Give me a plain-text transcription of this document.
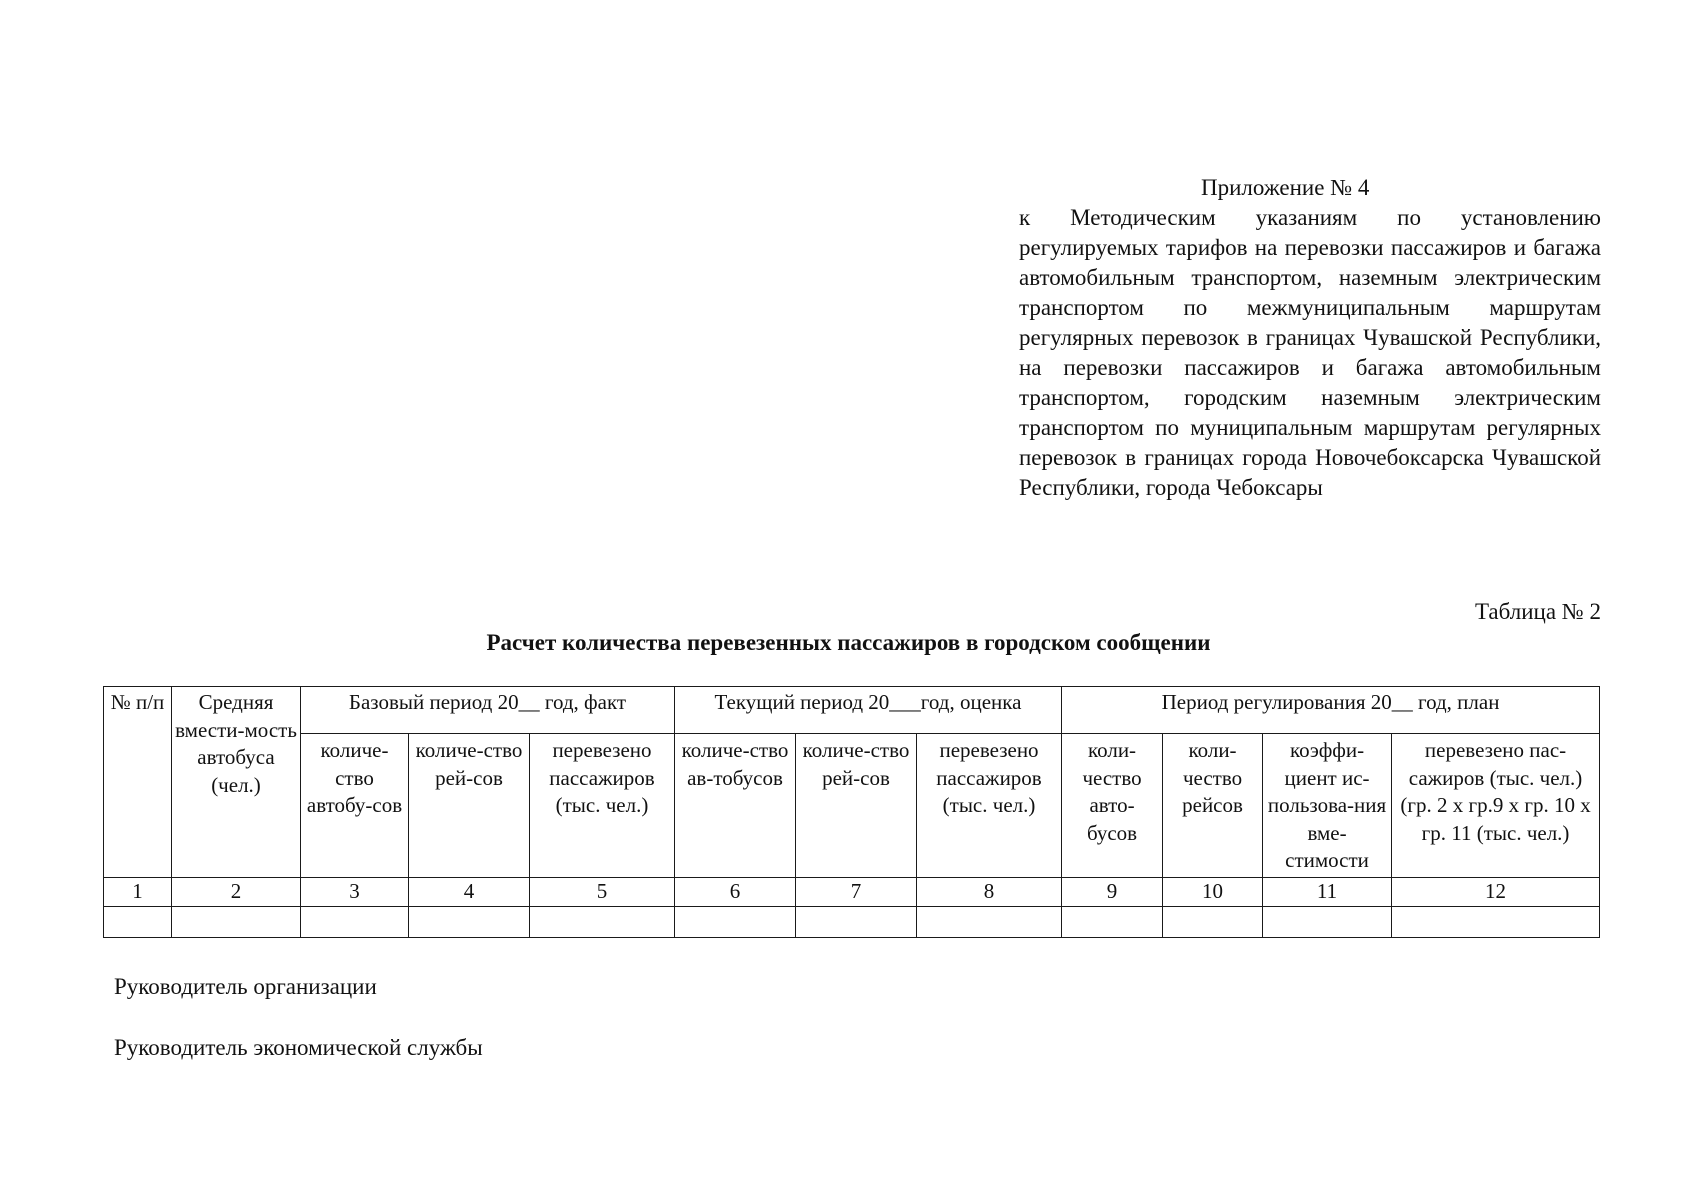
Приложение № 4
к Методическим указаниям по установлению регулируемых тарифов на перевозки пассажиров и багажа автомобильным транспортом, наземным электрическим транспортом по межмуниципальным маршрутам регулярных перевозок в границах Чувашской Республики, на перевозки пассажиров и багажа автомобильным транспортом, городским наземным электрическим транспортом по муниципальным маршрутам регулярных перевозок в границах города Новочебоксарска Чувашской Республики, города Чебоксары
Таблица № 2
Расчет количества перевезенных пассажиров в городском сообщении
№ п/п	Средняя вмести-мость автобуса (чел.)	Базовый период 20__ год, факт			Текущий период 20___год, оценка			Период регулирования 20__ год, план			
		количе-ство автобу-сов	количе-ство рей-сов	перевезено пассажиров (тыс. чел.)	количе-ство ав-тобусов	количе-ство рей-сов	перевезено пассажиров (тыс. чел.)	коли-чество авто-бусов	коли-чество рейсов	коэффи-циент ис-пользова-ния вме-стимости	перевезено пас-сажиров (тыс. чел.) (гр. 2 х гр.9 х гр. 10 х гр. 11 (тыс. чел.)
1	2	3	4	5	6	7	8	9	10	11	12

Руководитель организации
Руководитель экономической службы
